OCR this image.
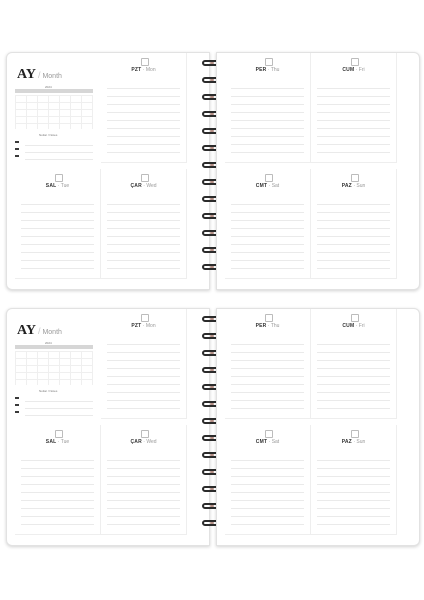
AY / Month
2024
Notlar / Notes
PZT · Mon
SAL · Tue	ÇAR · Wed
PER · Thu	CUM · Fri
CMT · Sat	PAZ · Sun
AY / Month
2024
Notlar / Notes
PZT · Mon
SAL · Tue	ÇAR · Wed
PER · Thu	CUM · Fri
CMT · Sat	PAZ · Sun
